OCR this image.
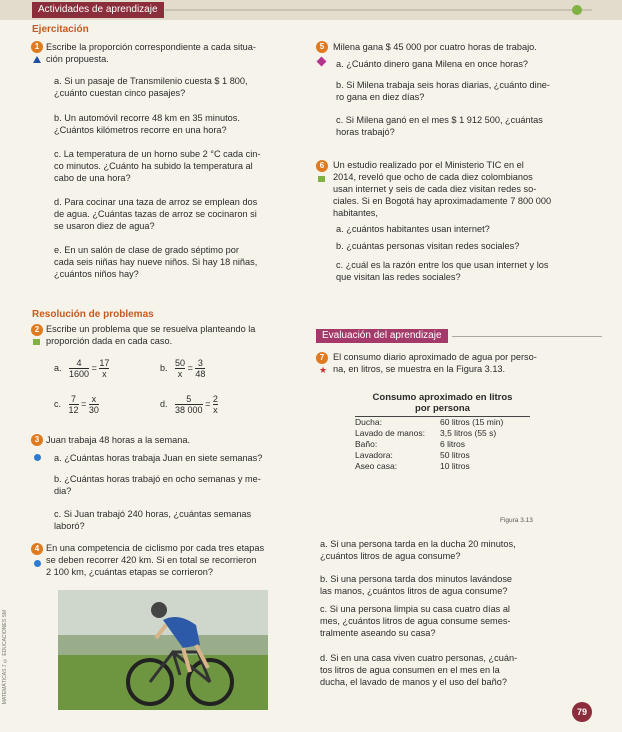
Actividades de aprendizaje
Ejercitación
1 Escribe la proporción correspondiente a cada situa-
ción propuesta.
a. Si un pasaje de Transmilenio cuesta $ 1 800,
¿cuánto cuestan cinco pasajes?
b. Un automóvil recorre 48 km en 35 minutos.
¿Cuántos kilómetros recorre en una hora?
c. La temperatura de un horno sube 2 °C cada cin-
co minutos. ¿Cuánto ha subido la temperatura al
cabo de una hora?
d. Para cocinar una taza de arroz se emplean dos
de agua. ¿Cuántas tazas de arroz se cocinaron si
se usaron diez de agua?
e. En un salón de clase de grado séptimo por
cada seis niñas hay nueve niños. Si hay 18 niñas,
¿cuántos niños hay?
Resolución de problemas
2 Escribe un problema que se resuelva planteando la
proporción dada en cada caso.
a. $\frac{4}{1600} = \frac{17}{x}$	b. $\frac{50}{x} = \frac{3}{48}$
c. $\frac{7}{12} = \frac{x}{30}$	d. $\frac{5}{38 000} = \frac{2}{x}$
3 Juan trabaja 48 horas a la semana.
a. ¿Cuántas horas trabaja Juan en siete semanas?
b. ¿Cuántas horas trabajó en ocho semanas y me-
dia?
c. Si Juan trabajó 240 horas, ¿cuántas semanas
laboró?
4 En una competencia de ciclismo por cada tres etapas
se deben recorrer 420 km. Si en total se recorrieron
2 100 km, ¿cuántas etapas se corrieron?
5 Milena gana $ 45 000 por cuatro horas de trabajo.
a. ¿Cuánto dinero gana Milena en once horas?
b. Si Milena trabaja seis horas diarias, ¿cuánto dine-
ro gana en diez días?
c. Si Milena ganó en el mes $ 1 912 500, ¿cuántas
horas trabajó?
6 Un estudio realizado por el Ministerio TIC en el
2014, reveló que ocho de cada diez colombianos
usan internet y seis de cada diez visitan redes so-
ciales. Si en Bogotá hay aproximadamente 7 800 000
habitantes,
a. ¿cuántos habitantes usan internet?
b. ¿cuántas personas visitan redes sociales?
c. ¿cuál es la razón entre los que usan internet y los
que visitan las redes sociales?
Evaluación del aprendizaje
7
★
El consumo diario aproximado de agua por perso-
na, en litros, se muestra en la Figura 3.13.
Consumo aproximado en litros
por persona
Ducha:	60 litros (15 min)
Lavado de manos:	3,5 litros (55 s)
Baño:	6 litros
Lavadora:	50 litros
Aseo casa:	10 litros
Figura 3.13
a. Si una persona tarda en la ducha 20 minutos,
¿cuántos litros de agua consume?
b. Si una persona tarda dos minutos lavándose
las manos, ¿cuántos litros de agua consume?
c. Si una persona limpia su casa cuatro días al
mes, ¿cuántos litros de agua consume semes-
tralmente aseando su casa?
d. Si en una casa viven cuatro personas, ¿cuán-
tos litros de agua consumen en el mes en la
ducha, el lavado de manos y el uso del baño?
79
MATEMÁTICAS 7 © EDUCACIONES SM
